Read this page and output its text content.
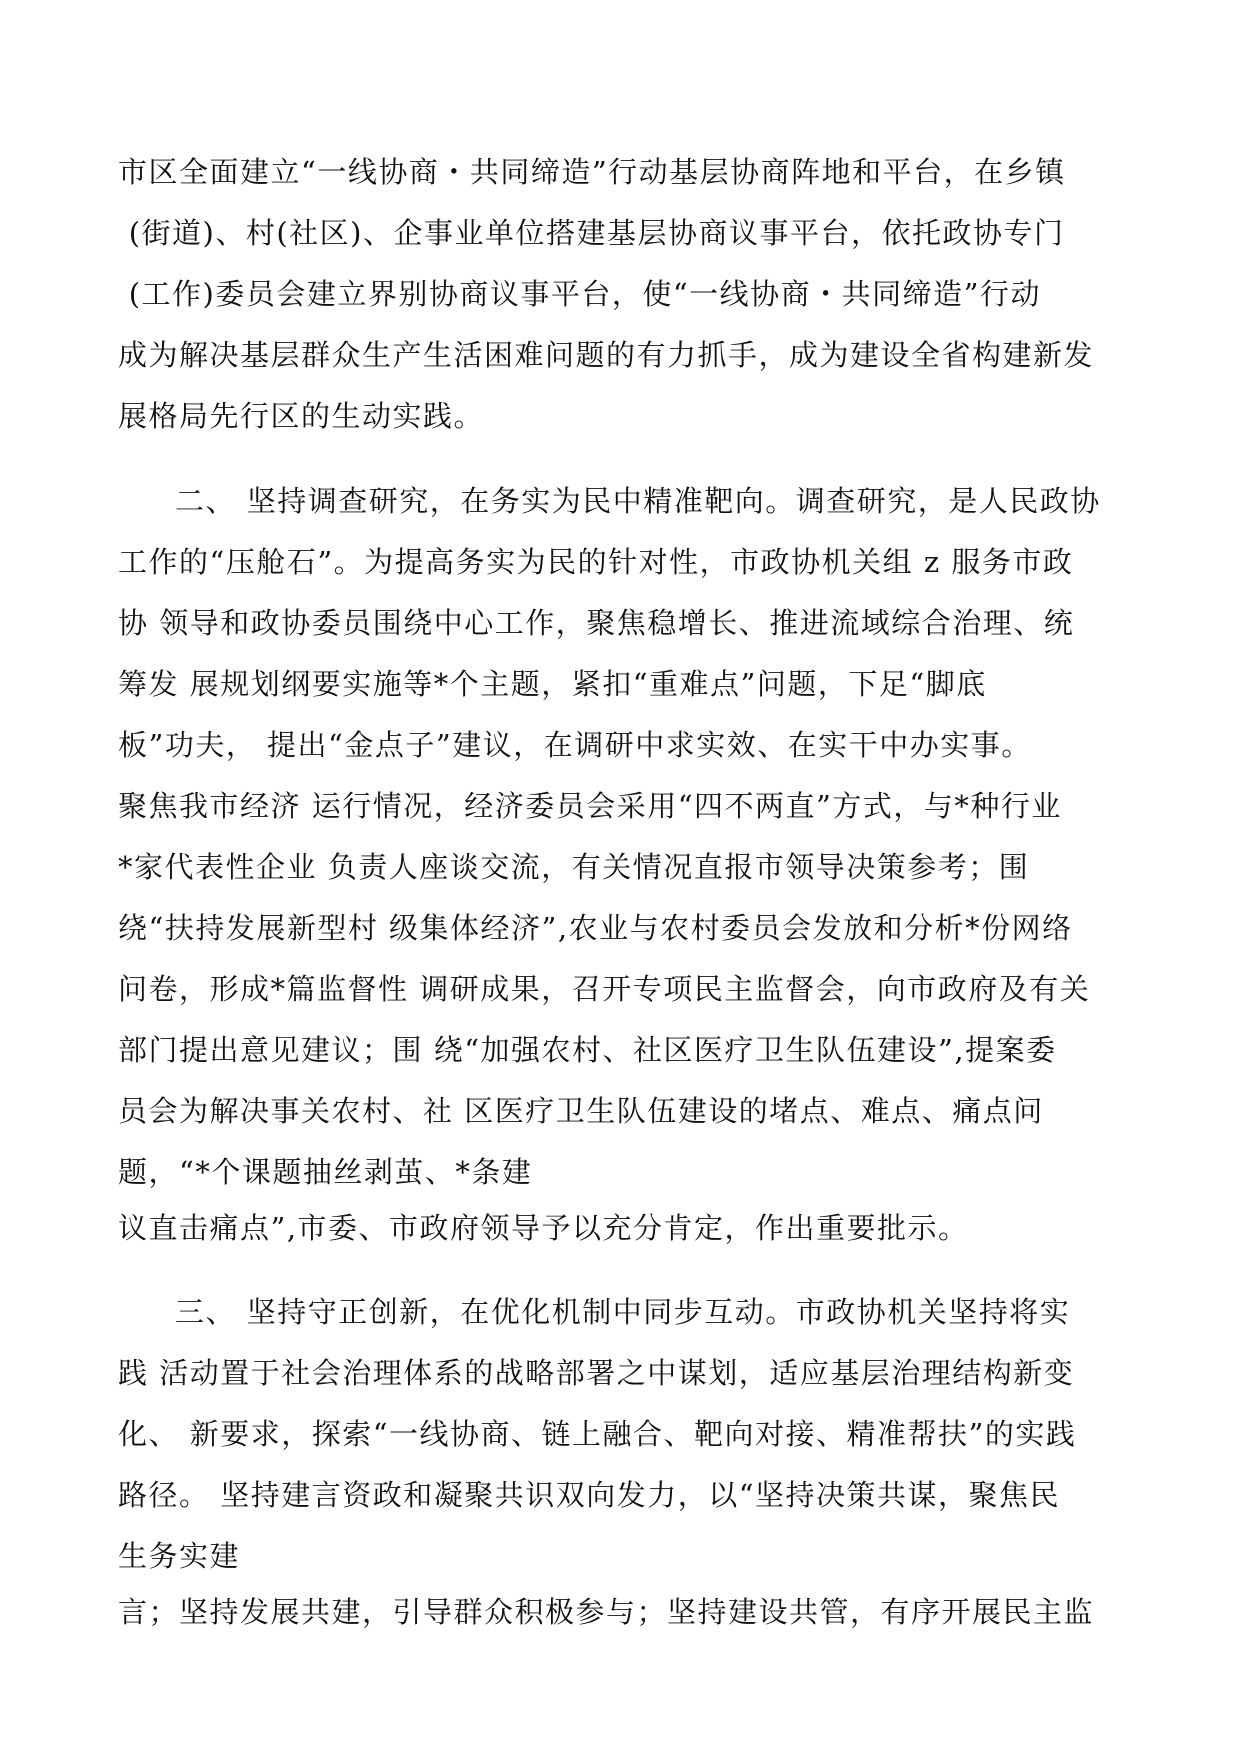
市区全面建立“一线协商・共同缔造”行动基层协商阵地和平台，在乡镇
(街道)、村(社区)、企事业单位搭建基层协商议事平台，依托政协专门
(工作)委员会建立界别协商议事平台，使“一线协商・共同缔造”行动
成为解决基层群众生产生活困难问题的有力抓手，成为建设全省构建新发
展格局先行区的生动实践。
二、 坚持调查研究，在务实为民中精准靶向。调查研究，是人民政协
工作的“压舱石”。为提高务实为民的针对性，市政协机关组 z 服务市政
协 领导和政协委员围绕中心工作，聚焦稳增长、推进流域综合治理、统
筹发 展规划纲要实施等*个主题，紧扣“重难点”问题，下足“脚底
板”功夫， 提出“金点子”建议，在调研中求实效、在实干中办实事。
聚焦我市经济 运行情况，经济委员会采用“四不两直”方式，与*种行业
*家代表性企业 负责人座谈交流，有关情况直报市领导决策参考；围
绕“扶持发展新型村 级集体经济”,农业与农村委员会发放和分析*份网络
问卷，形成*篇监督性 调研成果，召开专项民主监督会，向市政府及有关
部门提出意见建议；围 绕“加强农村、社区医疗卫生队伍建设”,提案委
员会为解决事关农村、社 区医疗卫生队伍建设的堵点、难点、痛点问
题，“*个课题抽丝剥茧、*条建
议直击痛点”,市委、市政府领导予以充分肯定，作出重要批示。
三、 坚持守正创新，在优化机制中同步互动。市政协机关坚持将实
践 活动置于社会治理体系的战略部署之中谋划，适应基层治理结构新变
化、 新要求，探索“一线协商、链上融合、靶向对接、精准帮扶”的实践
路径。 坚持建言资政和凝聚共识双向发力，以“坚持决策共谋，聚焦民
生务实建
言；坚持发展共建，引导群众积极参与；坚持建设共管，有序开展民主监
